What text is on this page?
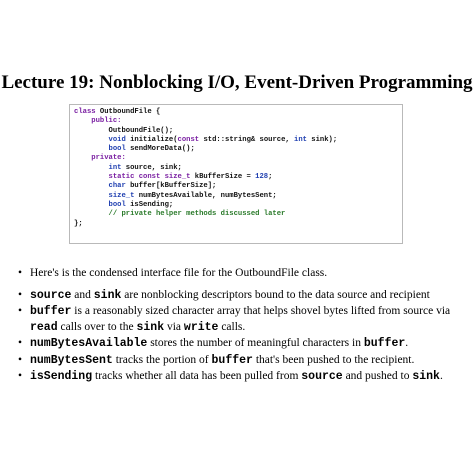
Lecture 19: Nonblocking I/O, Event-Driven Programming
class OutboundFile {
public:
OutboundFile();
void initialize(const std::string& source, int sink);
bool sendMoreData();
private:
int source, sink;
static const size_t kBufferSize = 128;
char buffer[kBufferSize];
size_t numBytesAvailable, numBytesSent;
bool isSending;
// private helper methods discussed later
};
• Here's is the condensed interface file for the OutboundFile class.
• source and sink are nonblocking descriptors bound to the data source and recipient
• buffer is a reasonably sized character array that helps shovel bytes lifted from source via read calls over to the sink via write calls.
• numBytesAvailable stores the number of meaningful characters in buffer.
• numBytesSent tracks the portion of buffer that's been pushed to the recipient.
• isSending tracks whether all data has been pulled from source and pushed to sink.
